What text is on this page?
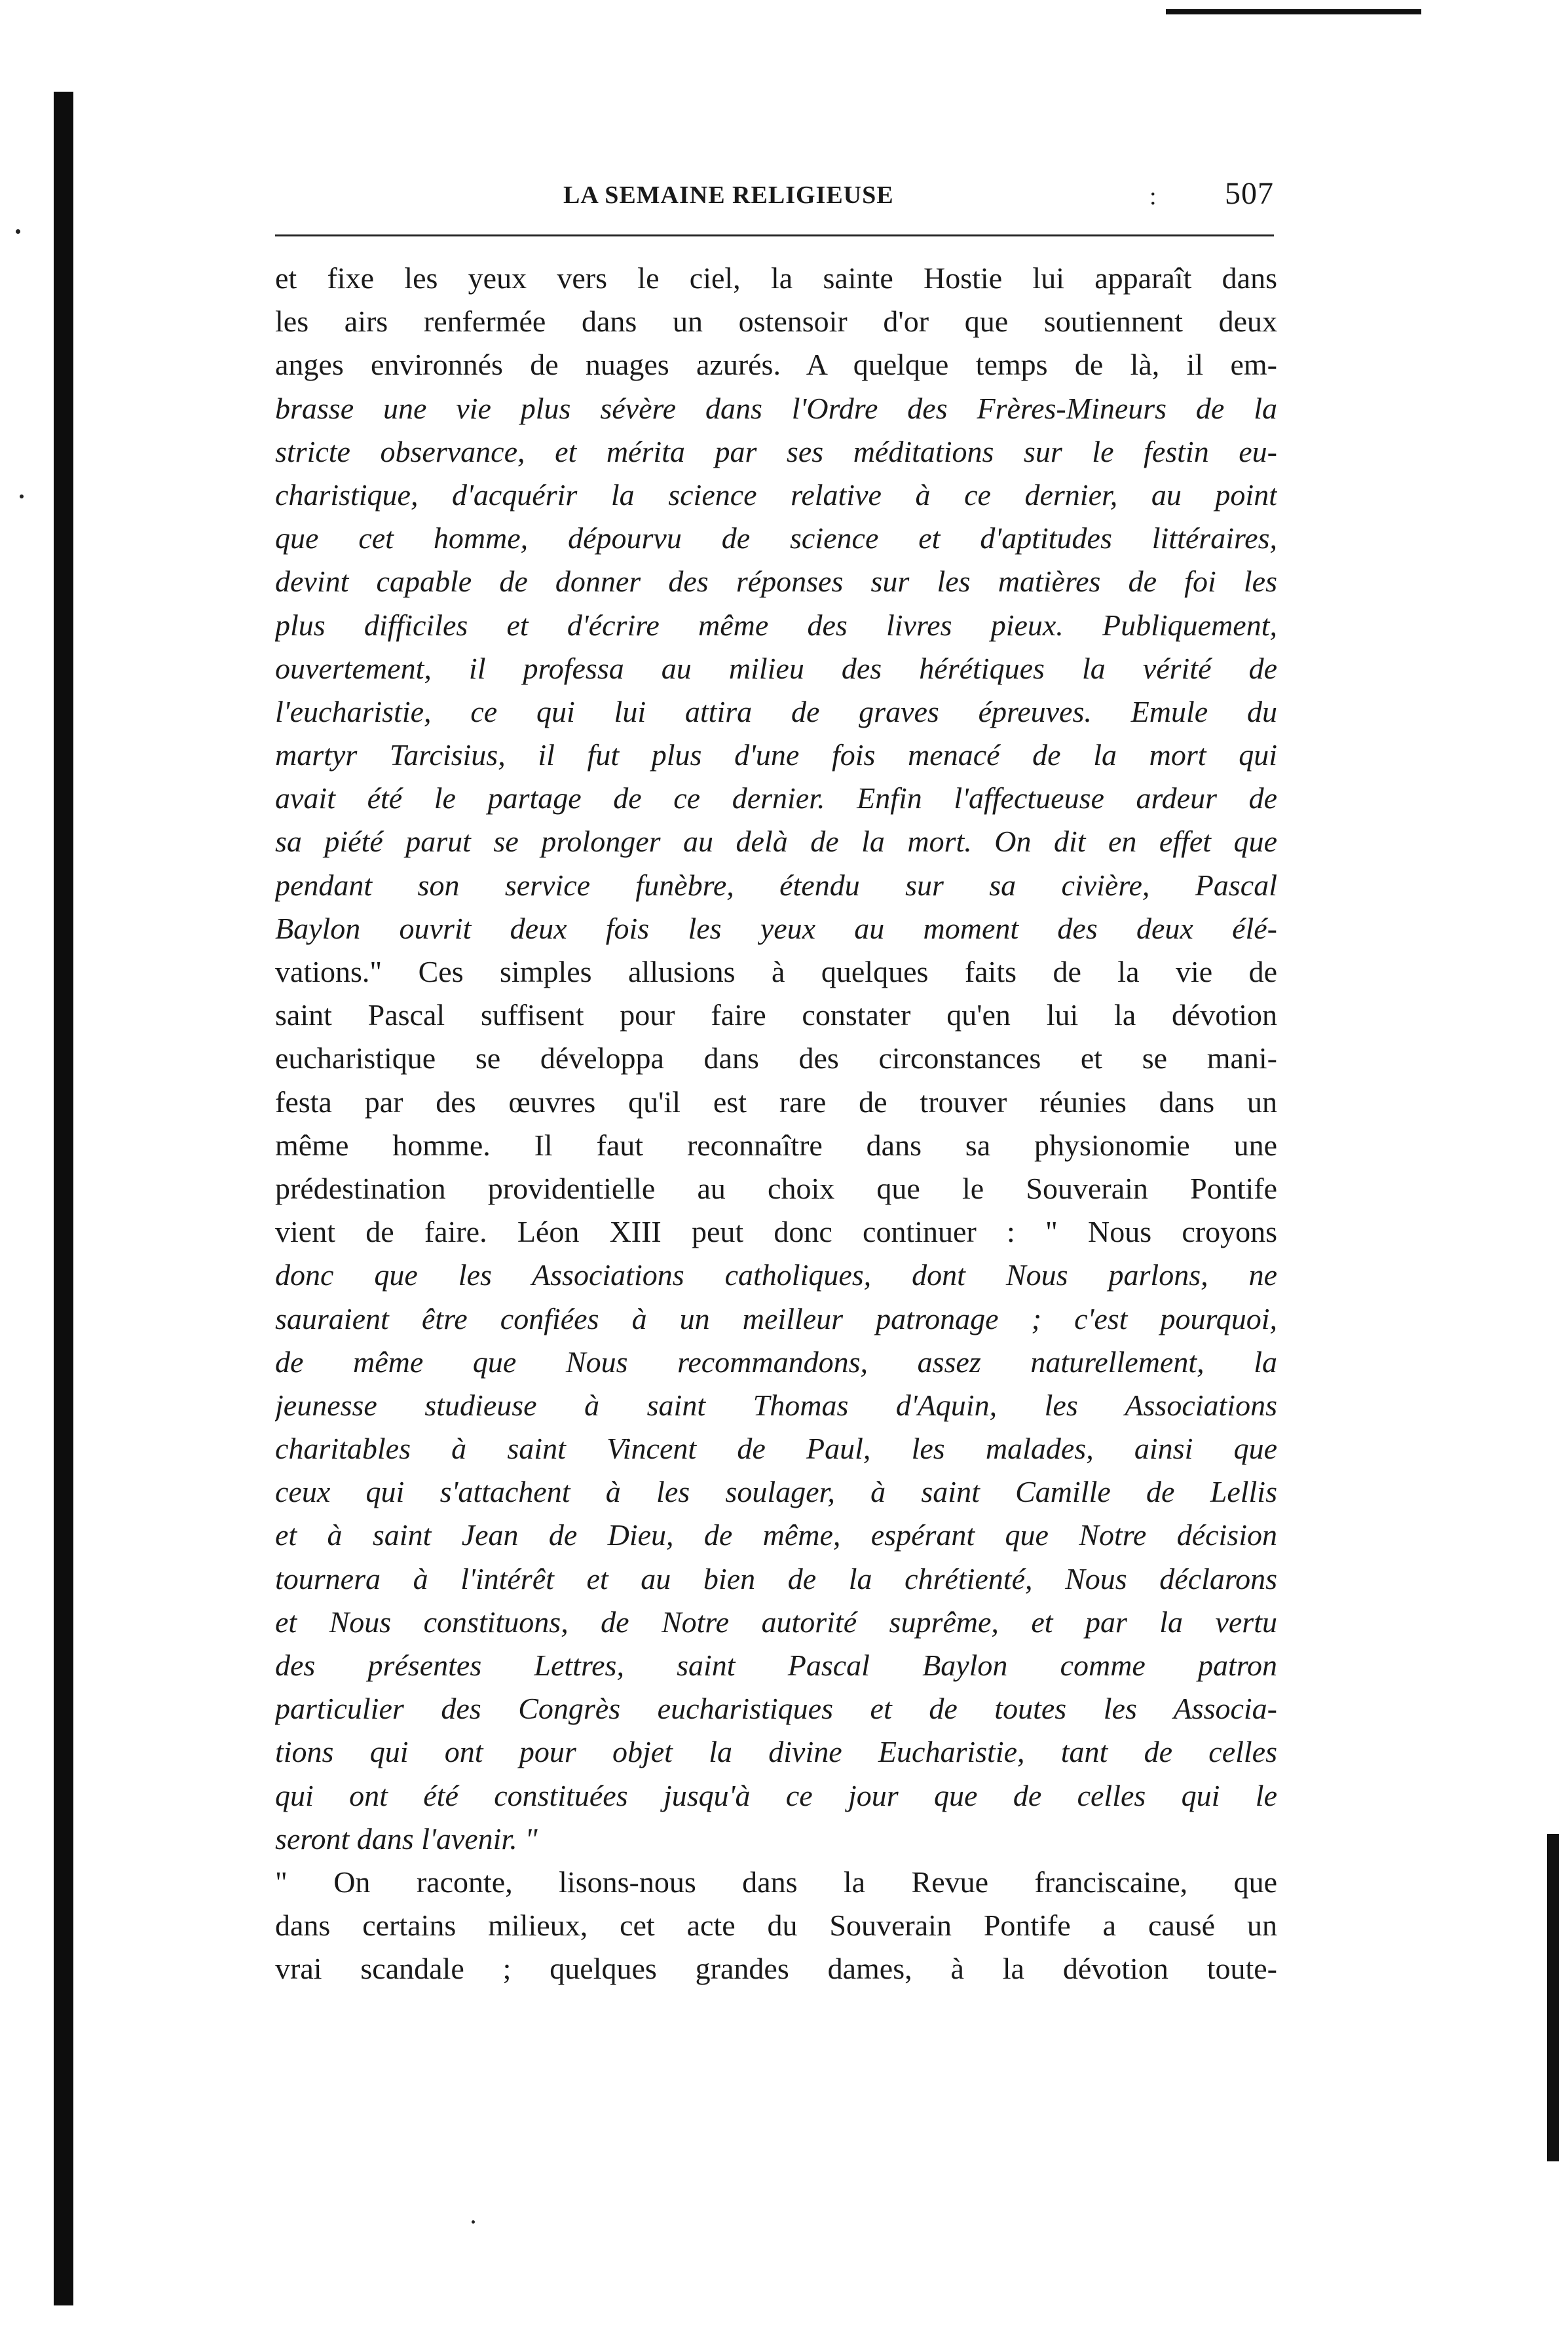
LA SEMAINE RELIGIEUSE	: 507
et fixe les yeux vers le ciel, la sainte Hostie lui apparaît dans
les airs renfermée dans un ostensoir d'or que soutiennent deux
anges environnés de nuages azurés. A quelque temps de là, il em-
brasse une vie plus sévère dans l'Ordre des Frères-Mineurs de la
stricte observance, et mérita par ses méditations sur le festin eu-
charistique, d'acquérir la science relative à ce dernier, au point
que cet homme, dépourvu de science et d'aptitudes littéraires,
devint capable de donner des réponses sur les matières de foi les
plus difficiles et d'écrire même des livres pieux. Publiquement,
ouvertement, il professa au milieu des hérétiques la vérité de
l'eucharistie, ce qui lui attira de graves épreuves. Emule du
martyr Tarcisius, il fut plus d'une fois menacé de la mort qui
avait été le partage de ce dernier. Enfin l'affectueuse ardeur de
sa piété parut se prolonger au delà de la mort. On dit en effet que
pendant son service funèbre, étendu sur sa civière, Pascal
Baylon ouvrit deux fois les yeux au moment des deux élé-
vations." Ces simples allusions à quelques faits de la vie de
saint Pascal suffisent pour faire constater qu'en lui la dévotion
eucharistique se développa dans des circonstances et se mani-
festa par des œuvres qu'il est rare de trouver réunies dans un
même homme. Il faut reconnaître dans sa physionomie une
prédestination providentielle au choix que le Souverain Pontife
vient de faire. Léon XIII peut donc continuer : " Nous croyons
donc que les Associations catholiques, dont Nous parlons, ne
sauraient être confiées à un meilleur patronage ; c'est pourquoi,
de même que Nous recommandons, assez naturellement, la
jeunesse studieuse à saint Thomas d'Aquin, les Associations
charitables à saint Vincent de Paul, les malades, ainsi que
ceux qui s'attachent à les soulager, à saint Camille de Lellis
et à saint Jean de Dieu, de même, espérant que Notre décision
tournera à l'intérêt et au bien de la chrétienté, Nous déclarons
et Nous constituons, de Notre autorité suprême, et par la vertu
des présentes Lettres, saint Pascal Baylon comme patron
particulier des Congrès eucharistiques et de toutes les Associa-
tions qui ont pour objet la divine Eucharistie, tant de celles
qui ont été constituées jusqu'à ce jour que de celles qui le
seront dans l'avenir. "
" On raconte, lisons-nous dans la Revue franciscaine, que
dans certains milieux, cet acte du Souverain Pontife a causé un
vrai scandale ; quelques grandes dames, à la dévotion toute-
